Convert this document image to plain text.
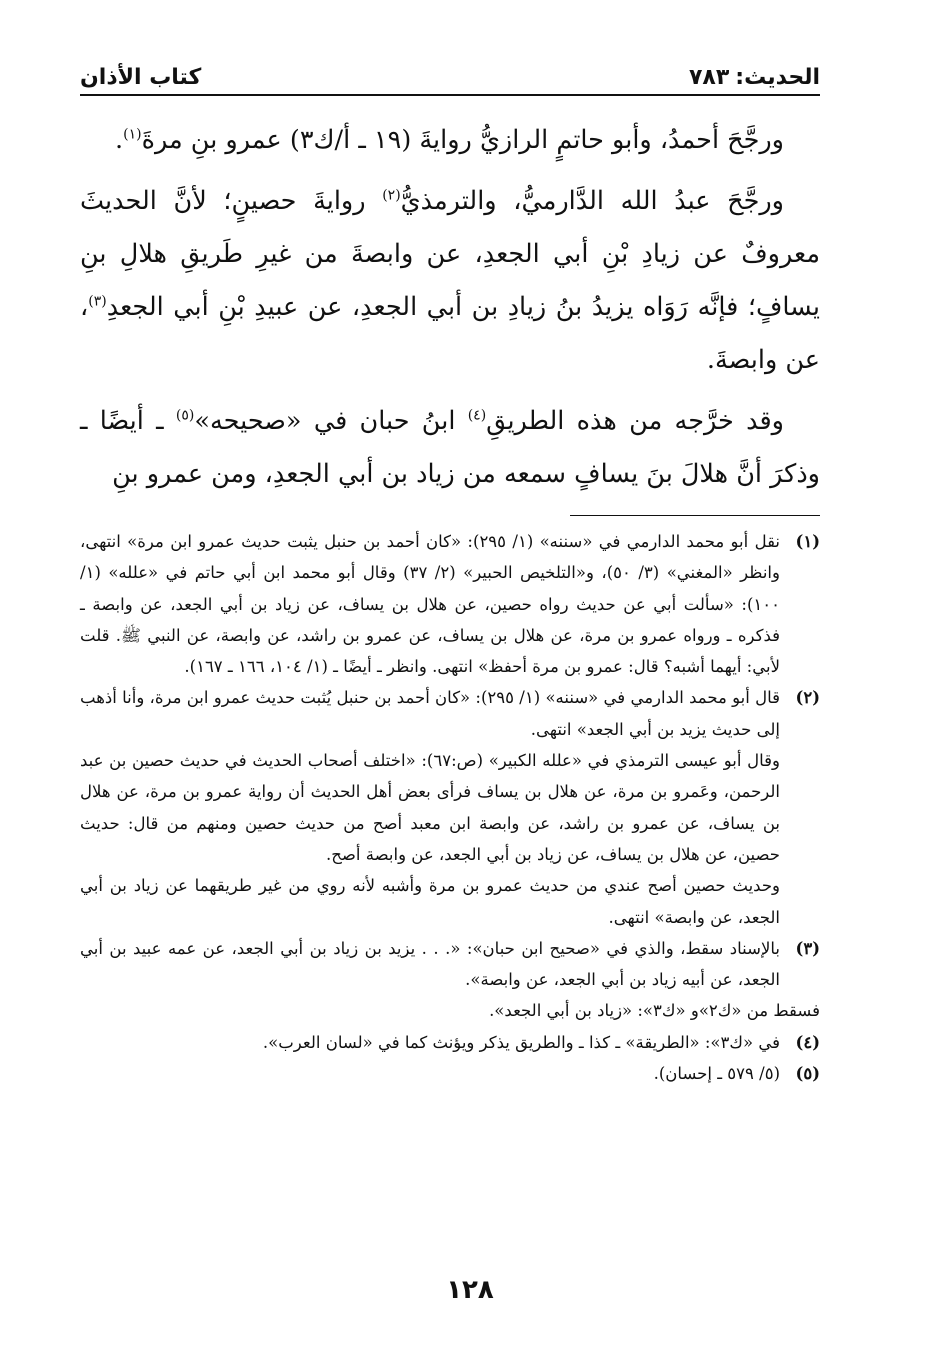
الحديث:
٧٨٣
كتاب الأذان

ورجَّحَ أحمدُ، وأبو حاتمٍ الرازيُّ روايةَ (١٩ ـ أ/ك٣) عمرو بنِ مرةَ$^{(١)}$.

ورجَّحَ عبدُ الله الدَّارميُّ، والترمذيُّ$^{(٢)}$ روايةَ حصينٍ؛ لأنَّ الحديثَ معروفٌ عن زيادِ بْنِ أبي الجعدِ، عن وابصةَ من غيرِ طَريقِ هلالِ بنِ يسافٍ؛ فإنَّه رَوَاه يزيدُ بنُ زيادِ بن أبي الجعدِ، عن عبيدِ بْنِ أبي الجعدِ$^{(٣)}$، عن وابصةَ.

وقد خرَّجه من هذه الطريقِ$^{(٤)}$ ابنُ حبان في «صحيحه»$^{(٥)}$ ـ أيضًا ـ وذكرَ أنَّ هلالَ بنَ يسافٍ سمعه من زياد بن أبي الجعدِ، ومن عمرو بنِ

(١)
نقل أبو محمد الدارمي في «سننه» (١/ ٢٩٥): «كان أحمد بن حنبل يثبت حديث عمرو ابن مرة» انتهى، وانظر «المغني» (٣/ ٥٠)، و«التلخيص الحبير» (٢/ ٣٧) وقال أبو محمد ابن أبي حاتم في «علله» (١/ ١٠٠): «سألت أبي عن حديث رواه حصين، عن هلال بن يساف، عن زياد بن أبي الجعد، عن وابصة ـ فذكره ـ ورواه عمرو بن مرة، عن هلال بن يساف، عن عمرو بن راشد، عن وابصة، عن النبي ﷺ. قلت لأبي: أيهما أشبه؟ قال: عمرو بن مرة أحفظ» انتهى. وانظر ـ أيضًا ـ (١/ ١٠٤، ١٦٦ ـ ١٦٧).
(٢)
قال أبو محمد الدارمي في «سننه» (١/ ٢٩٥): «كان أحمد بن حنبل يُثبت حديث عمرو ابن مرة، وأنا أذهب إلى حديث يزيد بن أبي الجعد» انتهى.

وقال أبو عيسى الترمذي في «علله الكبير» (ص:٦٧): «اختلف أصحاب الحديث في حديث حصين بن عبد الرحمن، وعَمرو بن مرة، عن هلال بن يساف فرأى بعض أهل الحديث أن رواية عمرو بن مرة، عن هلال بن يساف، عن عمرو بن راشد، عن وابصة ابن معبد أصح من حديث حصين ومنهم من قال: حديث حصين، عن هلال بن يساف، عن زياد بن أبي الجعد، عن وابصة أصح.

وحديث حصين أصح عندي من حديث عمرو بن مرة وأشبه لأنه روي من غير طريقهما عن زياد بن أبي الجعد، عن وابصة» انتهى.

(٣)
بالإسناد سقط، والذي في «صحيح ابن حبان»: «. . . يزيد بن زياد بن أبي الجعد، عن عمه عبيد بن أبي الجعد، عن أبيه زياد بن أبي الجعد، عن وابصة».

فسقط من «ك٢»و «ك٣»: «زياد بن أبي الجعد».

(٤)
في «ك٣»: «الطريقة» ـ كذا ـ والطريق يذكر ويؤنث كما في «لسان العرب».
(٥)
(٥/ ٥٧٩ ـ إحسان).
١٢٨
